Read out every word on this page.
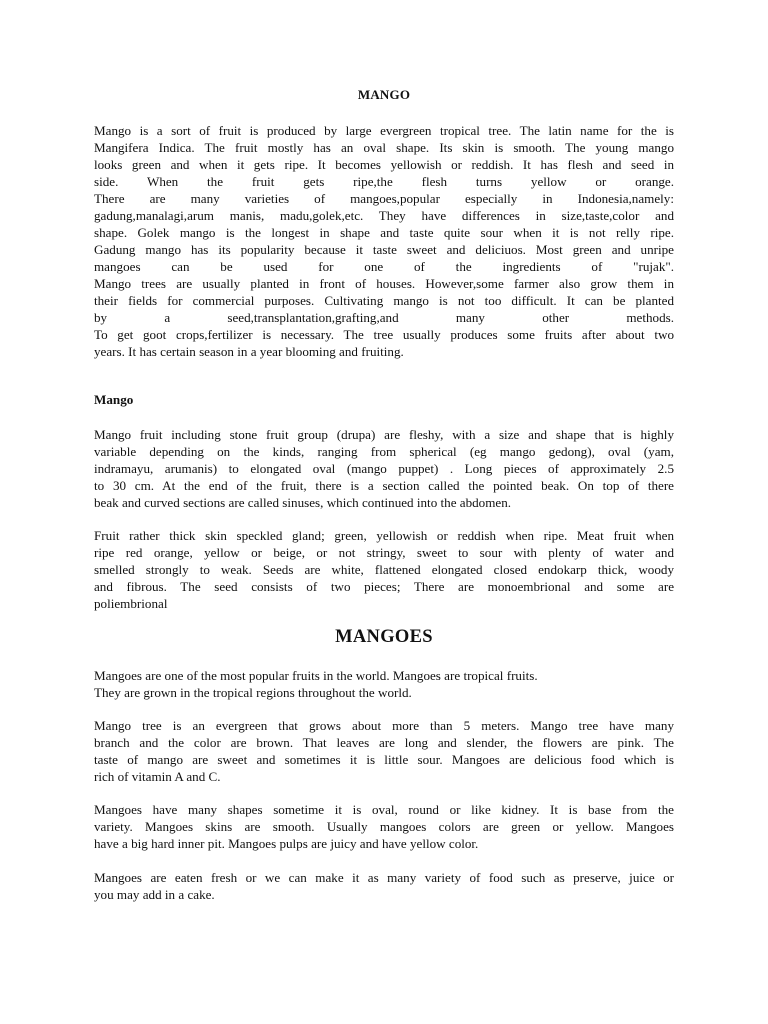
MANGO
Mango is a sort of fruit is produced by large evergreen tropical tree. The latin name for the is
Mangifera Indica. The fruit mostly has an oval shape. Its skin is smooth. The young mango
looks green and when it gets ripe. It becomes yellowish or reddish. It has flesh and seed in
side. When the fruit gets ripe,the flesh turns yellow or orange.
There are many varieties of mangoes,popular especially in Indonesia,namely:
gadung,manalagi,arum manis, madu,golek,etc. They have differences in size,taste,color and
shape. Golek mango is the longest in shape and taste quite sour when it is not relly ripe.
Gadung mango has its popularity because it taste sweet and deliciuos. Most green and unripe
mangoes can be used for one of the ingredients of "rujak".
Mango trees are usually planted in front of houses. However,some farmer also grow them in
their fields for commercial purposes. Cultivating mango is not too difficult. It can be planted
by a seed,transplantation,grafting,and many other methods.
To get goot crops,fertilizer is necessary. The tree usually produces some fruits after about two
years. It has certain season in a year blooming and fruiting.
Mango
Mango fruit including stone fruit group (drupa) are fleshy, with a size and shape that is highly
variable depending on the kinds, ranging from spherical (eg mango gedong), oval (yam,
indramayu, arumanis) to elongated oval (mango puppet) . Long pieces of approximately 2.5
to 30 cm. At the end of the fruit, there is a section called the pointed beak. On top of there
beak and curved sections are called sinuses, which continued into the abdomen.
Fruit rather thick skin speckled gland; green, yellowish or reddish when ripe. Meat fruit when
ripe red orange, yellow or beige, or not stringy, sweet to sour with plenty of water and
smelled strongly to weak. Seeds are white, flattened elongated closed endokarp thick, woody
and fibrous. The seed consists of two pieces; There are monoembrional and some are
poliembrional
MANGOES
Mangoes are one of the most popular fruits in the world. Mangoes are tropical fruits.
They are grown in the tropical regions throughout the world.
Mango tree is an evergreen that grows about more than 5 meters. Mango tree have many
branch and the color are brown. That leaves are long and slender, the flowers are pink. The
taste of mango are sweet and sometimes it is little sour. Mangoes are delicious food which is
rich of vitamin A and C.
Mangoes have many shapes sometime it is oval, round or like kidney. It is base from the
variety. Mangoes skins are smooth. Usually mangoes colors are green or yellow. Mangoes
have a big hard inner pit. Mangoes pulps are juicy and have yellow color.
Mangoes are eaten fresh or we can make it as many variety of food such as preserve, juice or
you may add in a cake.
